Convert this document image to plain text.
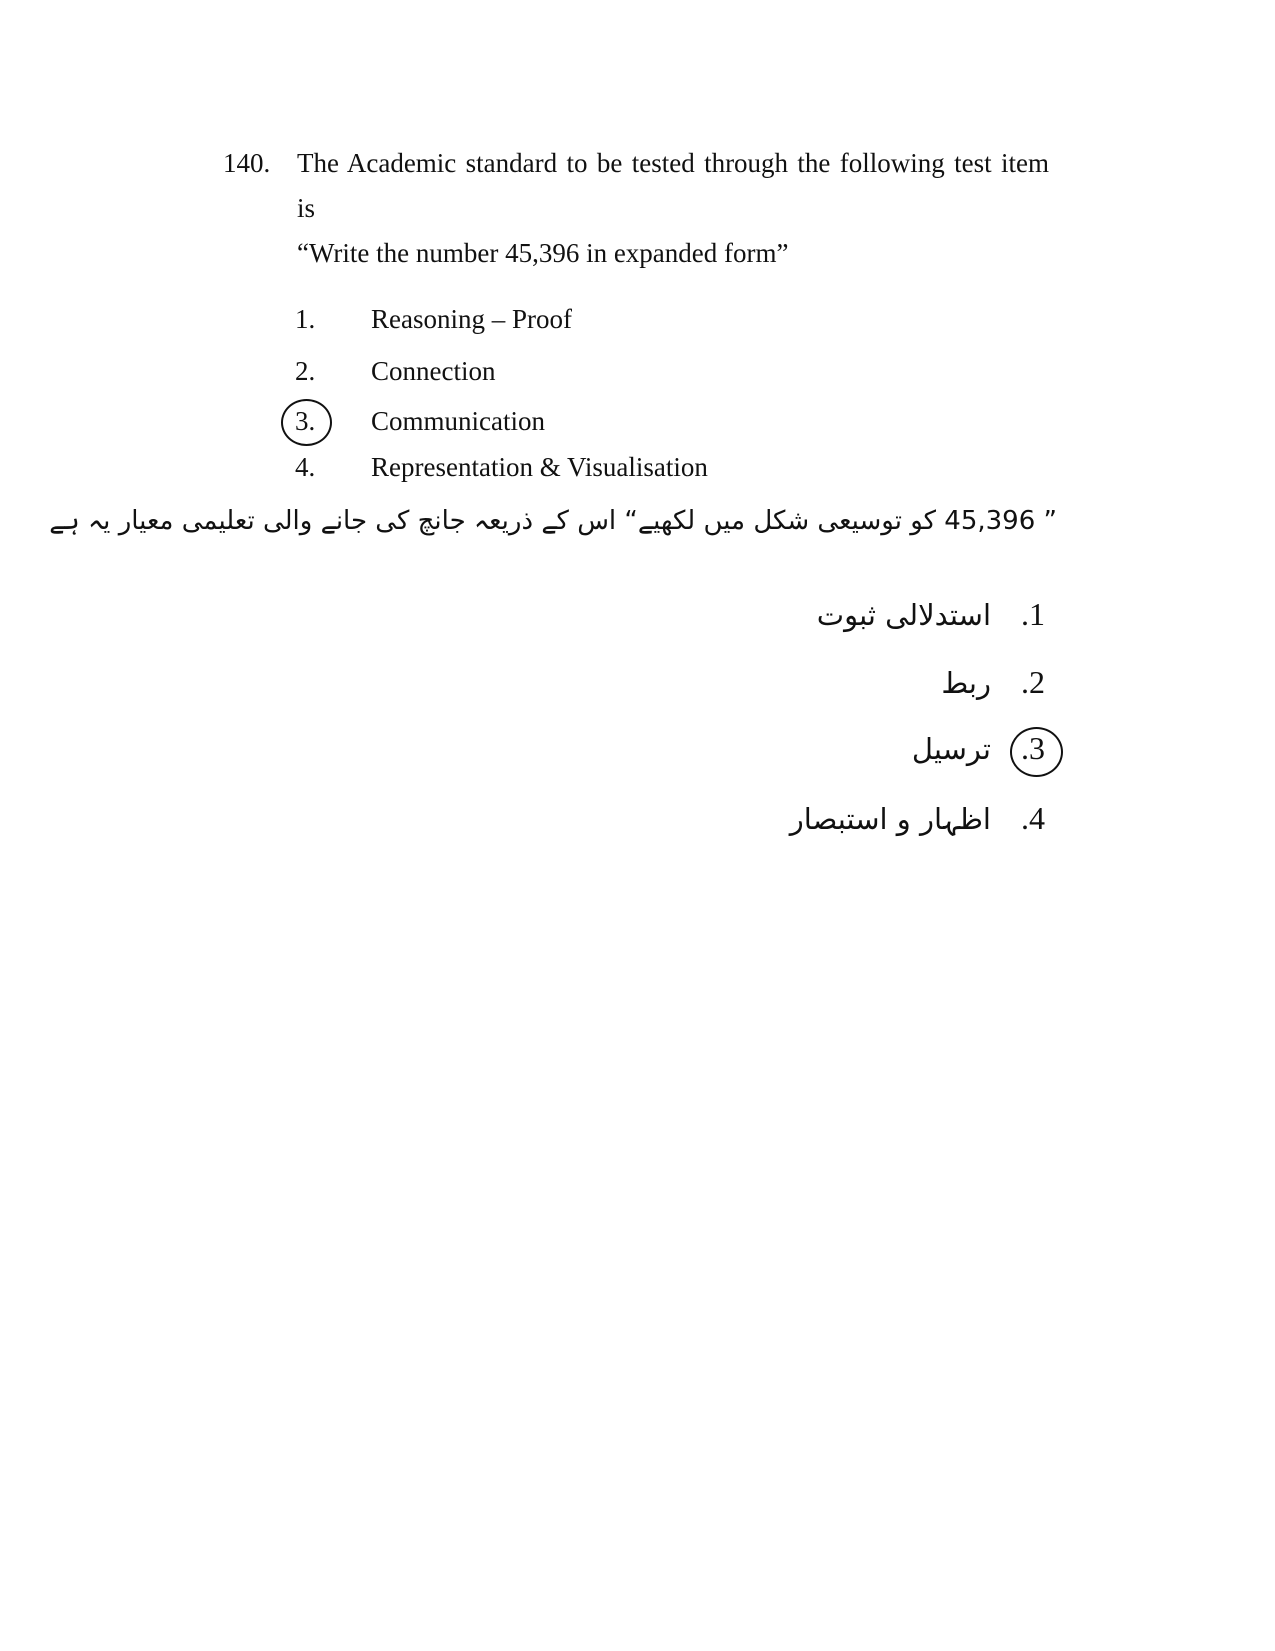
140. The Academic standard to be tested through the following test item
is
“Write the number 45,396 in expanded form”
1.	Reasoning – Proof
2.	Connection
3.	Communication
4.	Representation & Visualisation
” 45,396 کو توسیعی شکل میں لکھیے“ اس کے ذریعہ جانچ کی جانے والی تعلیمی معیار یہ ہے
1.
استدلالی ثبوت
2.
ربط
3.
ترسیل
4.
اظہار و استبصار
